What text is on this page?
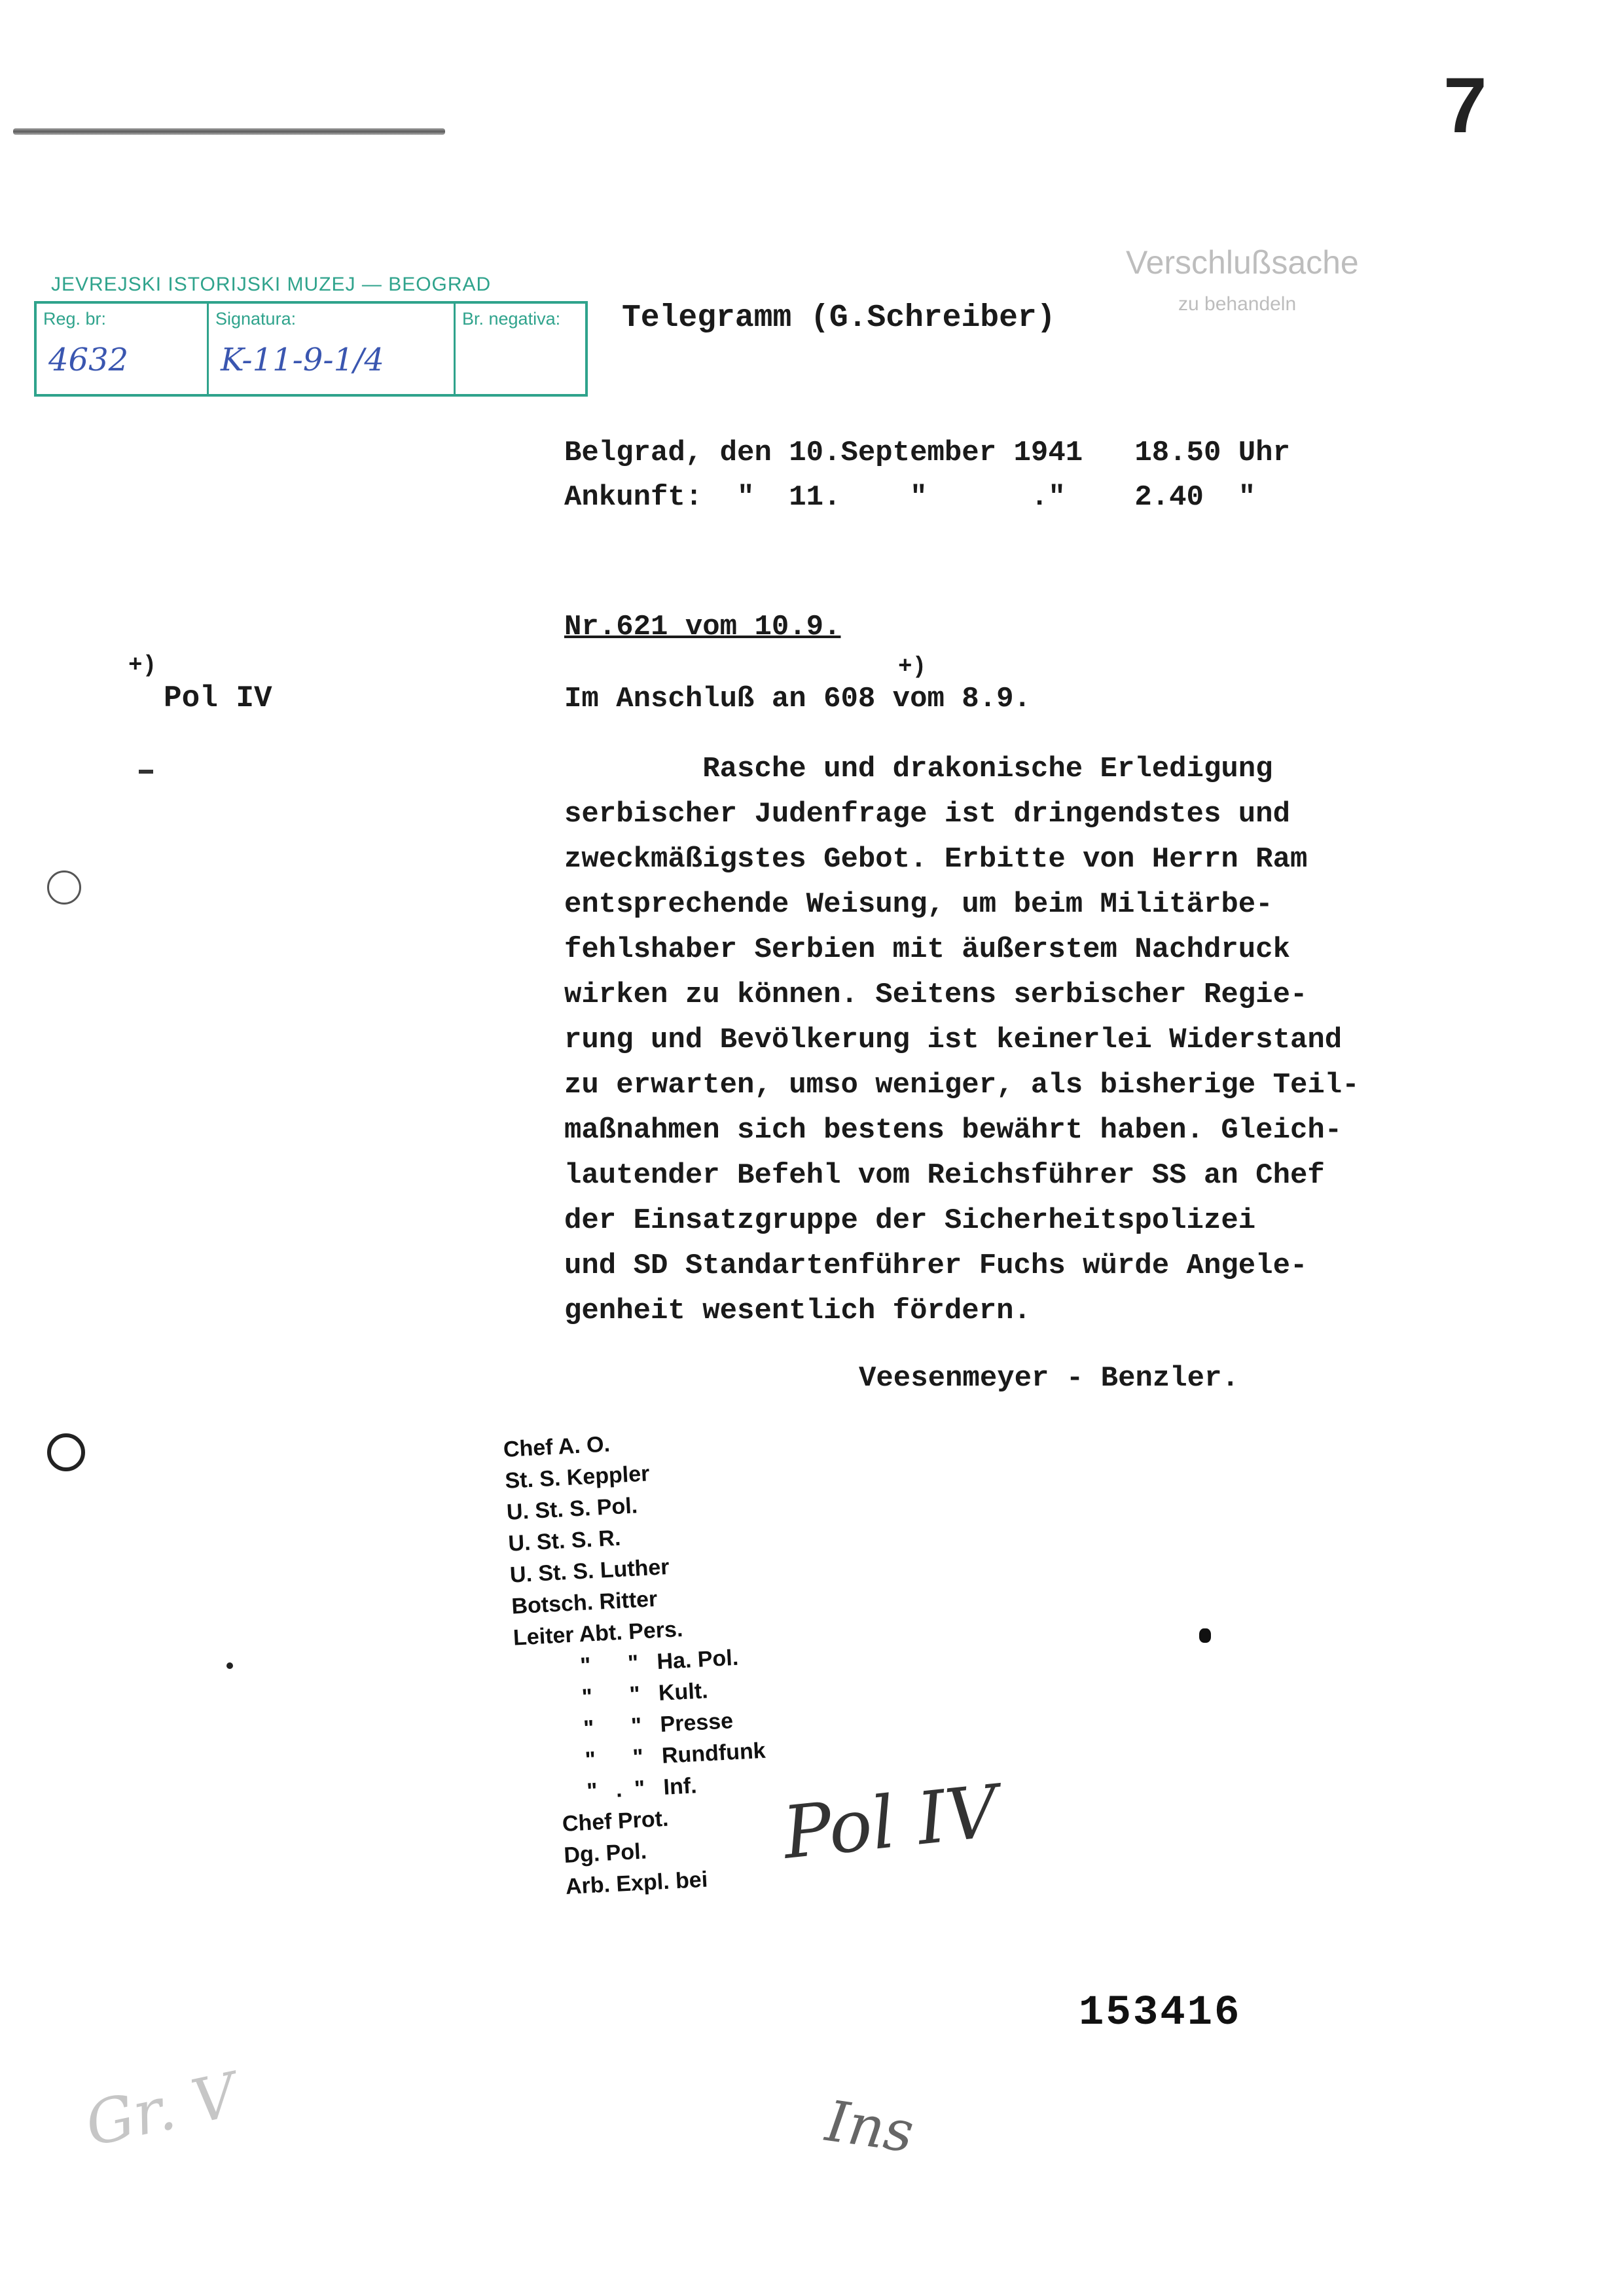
7
JEVREJSKI ISTORIJSKI MUZEJ — BEOGRAD
Reg. br:
4632
Signatura:
K-11-9-1/4
Br. negativa:
Verschlußsache
zu behandeln
Telegramm (G.Schreiber)
Belgrad, den 10.September 1941   18.50 Uhr
Ankunft:  "  11.    "      ."    2.40  "
Nr.621 vom 10.9.
+)
Pol IV
+)
Im Anschluß an 608 vom 8.9.
Rasche und drakonische Erledigung
serbischer Judenfrage ist dringendstes und
zweckmäßigstes Gebot. Erbitte von Herrn Ram
entsprechende Weisung, um beim Militärbe-
fehlshaber Serbien mit äußerstem Nachdruck
wirken zu können. Seitens serbischer Regie-
rung und Bevölkerung ist keinerlei Widerstand
zu erwarten, umso weniger, als bisherige Teil-
maßnahmen sich bestens bewährt haben. Gleich-
lautender Befehl vom Reichsführer SS an Chef
der Einsatzgruppe der Sicherheitspolizei
und SD Standartenführer Fuchs würde Angele-
genheit wesentlich fördern.
Veesenmeyer - Benzler.
Chef A. O.
St. S. Keppler
U. St. S. Pol.
U. St. S. R.
U. St. S. Luther
Botsch. Ritter
Leiter Abt. Pers.
"      "   Ha. Pol.
"      "   Kult.
"      "   Presse
"      "   Rundfunk
"   .  "   Inf.
Chef Prot.
Dg. Pol.
Arb. Expl. bei
Pol IV
153416
Gr. V	Ins
